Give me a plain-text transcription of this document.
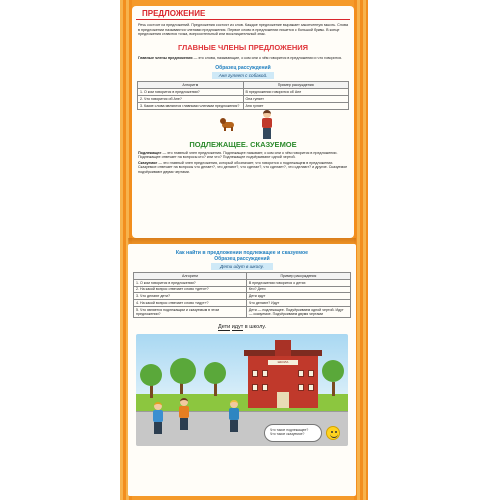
ПРЕДЛОЖЕНИЕ
Речь состоит из предложений. Предложения состоят из слов. Каждое предложение выражает законченную мысль. Слова в предложении называются членами предложения. Первое слово в предложении пишется с большой буквы. В конце предложения ставится точка, вопросительный или восклицательный знак.
ГЛАВНЫЕ ЧЛЕНЫ ПРЕДЛОЖЕНИЯ
Главные члены предложения — это слова, называющие, о ком или о чём говорится в предложении и что говорится.
Образец рассуждений
Аня гуляет с собакой.
Алгоритм	Пример рассуждения
1. О ком говорится в предложении?	В предложении говорится об Ане
2. Что говорится об Ане?	Она гуляет
3. Какие слова являются главными членами предложения?	Аня гуляет
ПОДЛЕЖАЩЕЕ. СКАЗУЕМОЕ
Подлежащее — это главный член предложения. Подлежащее называет, о ком или о чём говорится в предложении. Подлежащее отвечает на вопросы кто? или что? Подлежащее подчёркивают одной чертой.
Сказуемое — это главный член предложения, который обозначает, что говорится о подлежащем в предложении. Сказуемое отвечает на вопросы что делает?, что делают?, что сделал?, что сделает?, что сделают? и другие. Сказуемое подчёркивают двумя чертами.
Как найти в предложении подлежащее и сказуемое
Образец рассуждений
Дети идут в школу.
Алгоритм	Пример рассуждения
1. О ком говорится в предложении?	В предложении говорится о детях
2. На какой вопрос отвечает слово «дети»?	Кто? Дети
3. Что делают дети?	Дети идут
4. На какой вопрос отвечает слово «идут»?	Что делают? Идут
5. Что является подлежащим и сказуемым в этом предложении?	Дети — подлежащее. Подчёркиваем одной чертой. Идут — сказуемое. Подчёркиваем двумя чертами
Дети идут в школу.
ШКОЛА
Что такое подлежащее?
Что такое сказуемое?
